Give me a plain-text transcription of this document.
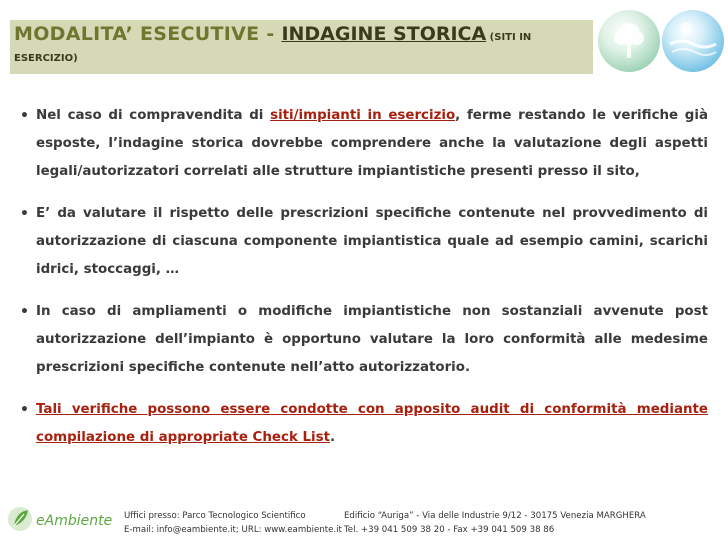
MODALITA’ ESECUTIVE - INDAGINE STORICA (SITI IN
ESERCIZIO)
• Nel caso di compravendita di siti/impianti in esercizio, ferme restando le verifiche già esposte, l’indagine storica dovrebbe comprendere anche la valutazione degli aspetti legali/autorizzatori correlati alle strutture impiantistiche presenti presso il sito,
• E’ da valutare il rispetto delle prescrizioni specifiche contenute nel provvedimento di autorizzazione di ciascuna componente impiantistica quale ad esempio camini, scarichi idrici, stoccaggi, …
• In caso di ampliamenti o modifiche impiantistiche non sostanziali avvenute post autorizzazione dell’impianto è opportuno valutare la loro conformità alle medesime prescrizioni specifiche contenute nell’atto autorizzatorio.
• Tali verifiche possono essere condotte con apposito audit di conformità mediante compilazione di appropriate Check List.
eAmbiente Uffici presso: Parco Tecnologico Scientifico
E-mail: info@eambiente.it; URL: www.eambiente.it
Edificio “Auriga” - Via delle Industrie 9/12 - 30175 Venezia MARGHERA
Tel. +39 041 509 38 20 - Fax +39 041 509 38 86
